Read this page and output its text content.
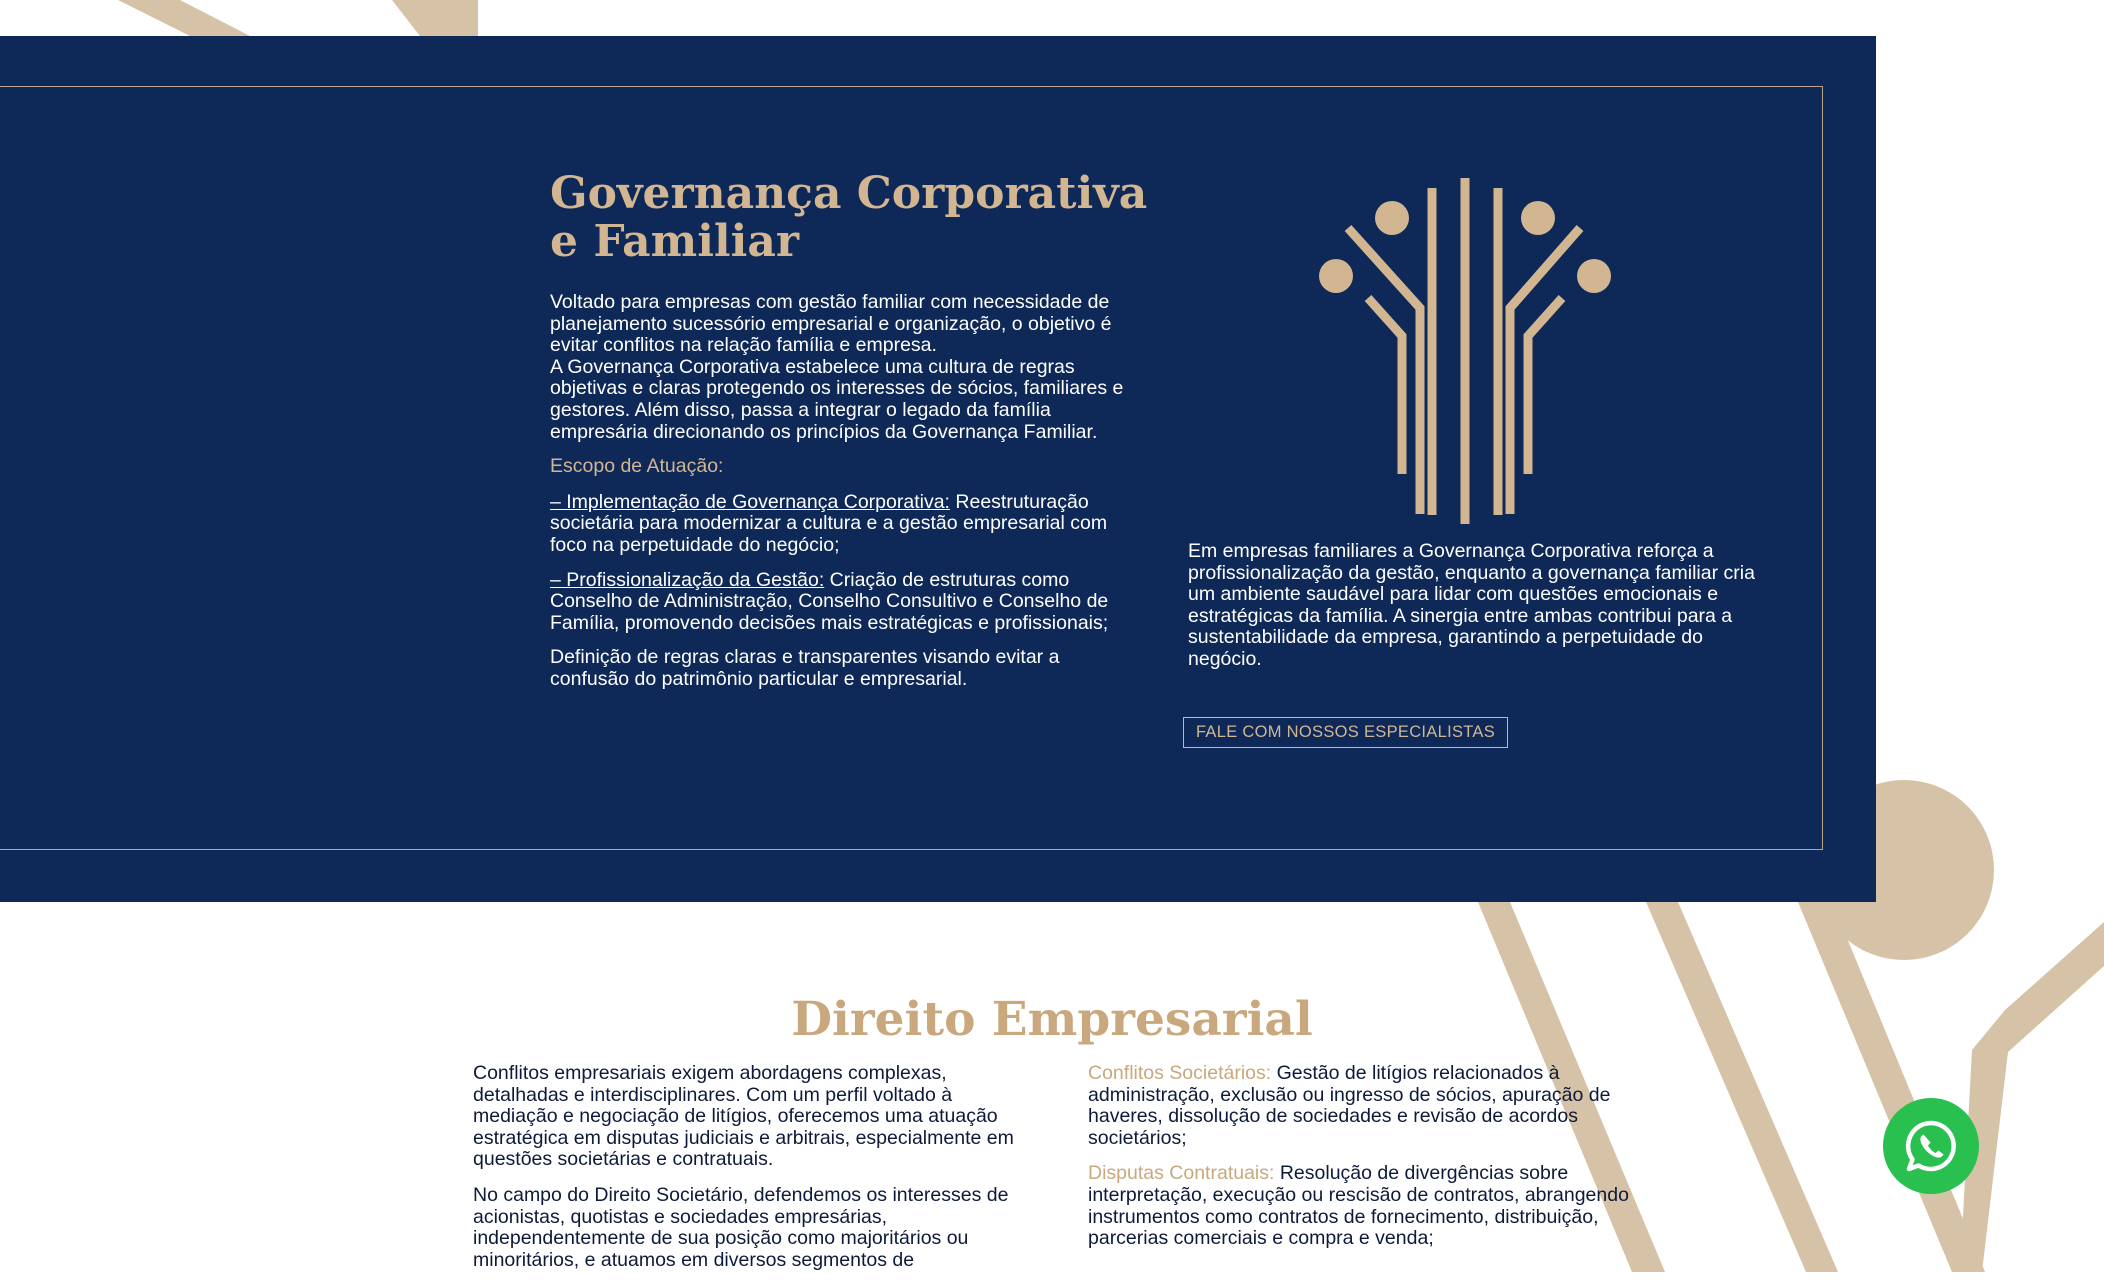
Governança Corporativa
e Familiar

Voltado para empresas com gestão familiar com necessidade de planejamento sucessório empresarial e organização, o objetivo é evitar conflitos na relação família e empresa.
A Governança Corporativa estabelece uma cultura de regras objetivas e claras protegendo os interesses de sócios, familiares e gestores. Além disso, passa a integrar o legado da família empresária direcionando os princípios da Governança Familiar.

Escopo de Atuação:

– Implementação de Governança Corporativa: Reestruturação societária para modernizar a cultura e a gestão empresarial com foco na perpetuidade do negócio;

– Profissionalização da Gestão: Criação de estruturas como Conselho de Administração, Conselho Consultivo e Conselho de Família, promovendo decisões mais estratégicas e profissionais;

Definição de regras claras e transparentes visando evitar a confusão do patrimônio particular e empresarial.

Em empresas familiares a Governança Corporativa reforça a profissionalização da gestão, enquanto a governança familiar cria um ambiente saudável para lidar com questões emocionais e estratégicas da família. A sinergia entre ambas contribui para a sustentabilidade da empresa, garantindo a perpetuidade do negócio.

FALE COM NOSSOS ESPECIALISTAS
Direito Empresarial

Conflitos empresariais exigem abordagens complexas, detalhadas e interdisciplinares. Com um perfil voltado à mediação e negociação de litígios, oferecemos uma atuação estratégica em disputas judiciais e arbitrais, especialmente em questões societárias e contratuais.

No campo do Direito Societário, defendemos os interesses de acionistas, quotistas e sociedades empresárias, independentemente de sua posição como majoritários ou minoritários, e atuamos em diversos segmentos de

Conflitos Societários: Gestão de litígios relacionados à administração, exclusão ou ingresso de sócios, apuração de haveres, dissolução de sociedades e revisão de acordos societários;

Disputas Contratuais: Resolução de divergências sobre interpretação, execução ou rescisão de contratos, abrangendo instrumentos como contratos de fornecimento, distribuição, parcerias comerciais e compra e venda;
